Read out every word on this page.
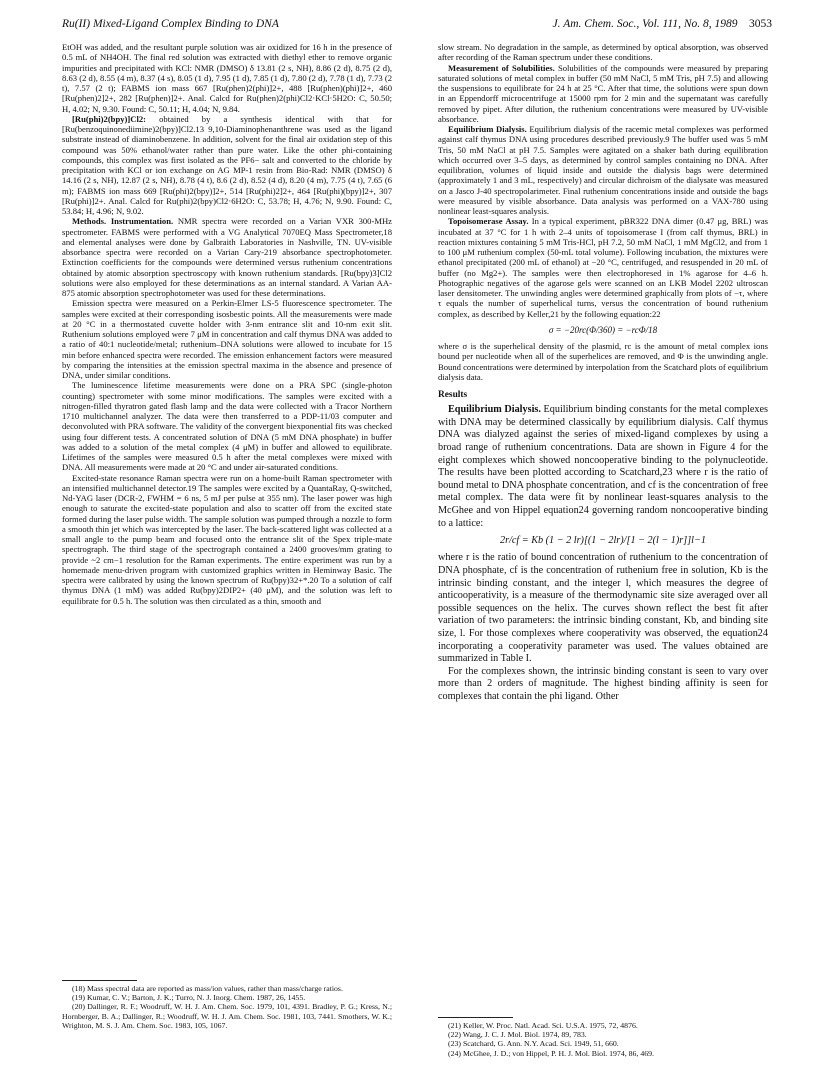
Ru(II) Mixed-Ligand Complex Binding to DNA	J. Am. Chem. Soc., Vol. 111, No. 8, 1989 3053

EtOH was added, and the resultant purple solution was air oxidized for 16 h in the presence of 0.5 mL of NH4OH. The final red solution was extracted with diethyl ether to remove organic impurities and precipitated with KCl: NMR (DMSO) δ 13.81 (2 s, NH), 8.86 (2 d), 8.75 (2 d), 8.63 (2 d), 8.55 (4 m), 8.37 (4 s), 8.05 (1 d), 7.95 (1 d), 7.85 (1 d), 7.80 (2 d), 7.78 (1 d), 7.73 (2 t), 7.57 (2 t); FABMS ion mass 667 [Ru(phen)2(phi)]2+, 488 [Ru(phen)(phi)]2+, 460 [Ru(phen)2]2+, 282 [Ru(phen)]2+. Anal. Calcd for Ru(phen)2(phi)Cl2·KCl·5H2O: C, 50.50; H, 4.02; N, 9.30. Found: C, 50.11; H, 4.04; N, 9.84.

[Ru(phi)2(bpy)]Cl2: obtained by a synthesis identical with that for [Ru(benzoquinonediimine)2(bpy)]Cl2.13 9,10-Diaminophenanthrene was used as the ligand substrate instead of diaminobenzene. In addition, solvent for the final air oxidation step of this compound was 50% ethanol/water rather than pure water. Like the other phi-containing compounds, this complex was first isolated as the PF6− salt and converted to the chloride by precipitation with KCl or ion exchange on AG MP-1 resin from Bio-Rad: NMR (DMSO) δ 14.16 (2 s, NH), 12.87 (2 s, NH), 8.78 (4 t), 8.6 (2 d), 8.52 (4 d), 8.20 (4 m), 7.75 (4 t), 7.65 (6 m); FABMS ion mass 669 [Ru(phi)2(bpy)]2+, 514 [Ru(phi)2]2+, 464 [Ru(phi)(bpy)]2+, 307 [Ru(phi)]2+. Anal. Calcd for Ru(phi)2(bpy)Cl2·6H2O: C, 53.78; H, 4.76; N, 9.90. Found: C, 53.84; H, 4.96; N, 9.02.

Methods. Instrumentation. NMR spectra were recorded on a Varian VXR 300-MHz spectrometer. FABMS were performed with a VG Analytical 7070EQ Mass Spectrometer,18 and elemental analyses were done by Galbraith Laboratories in Nashville, TN. UV-visible absorbance spectra were recorded on a Varian Cary-219 absorbance spectrophotometer. Extinction coefficients for the compounds were determined versus ruthenium concentrations obtained by atomic absorption spectroscopy with known ruthenium standards. [Ru(bpy)3]Cl2 solutions were also employed for these determinations as an internal standard. A Varian AA-875 atomic absorption spectrophotometer was used for these determinations.

Emission spectra were measured on a Perkin-Elmer LS-5 fluorescence spectrometer. The samples were excited at their corresponding isosbestic points. All the measurements were made at 20 °C in a thermostated cuvette holder with 3-nm entrance slit and 10-nm exit slit. Ruthenium solutions employed were 7 μM in concentration and calf thymus DNA was added to a ratio of 40:1 nucleotide/metal; ruthenium–DNA solutions were allowed to incubate for 15 min before enhanced spectra were recorded. The emission enhancement factors were measured by comparing the intensities at the emission spectral maxima in the absence and presence of DNA, under similar conditions.

The luminescence lifetime measurements were done on a PRA SPC (single-photon counting) spectrometer with some minor modifications. The samples were excited with a nitrogen-filled thyratron gated flash lamp and the data were collected with a Tracor Northern 1710 multichannel analyzer. The data were then transferred to a PDP-11/03 computer and deconvoluted with PRA software. The validity of the convergent biexponential fits was checked using four different tests. A concentrated solution of DNA (5 mM DNA phosphate) in buffer was added to a solution of the metal complex (4 μM) in buffer and allowed to equilibrate. Lifetimes of the samples were measured 0.5 h after the metal complexes were mixed with DNA. All measurements were made at 20 °C and under air-saturated conditions.

Excited-state resonance Raman spectra were run on a home-built Raman spectrometer with an intensified multichannel detector.19 The samples were excited by a QuantaRay, Q-switched, Nd-YAG laser (DCR-2, FWHM = 6 ns, 5 mJ per pulse at 355 nm). The laser power was high enough to saturate the excited-state population and also to scatter off from the excited state formed during the laser pulse width. The sample solution was pumped through a nozzle to form a smooth thin jet which was intercepted by the laser. The back-scattered light was collected at a small angle to the pump beam and focused onto the entrance slit of the Spex triple-mate spectrograph. The third stage of the spectrograph contained a 2400 grooves/mm grating to provide ~2 cm−1 resolution for the Raman experiments. The entire experiment was run by a homemade menu-driven program with customized graphics written in Heminway Basic. The spectra were calibrated by using the known spectrum of Ru(bpy)32+*.20 To a solution of calf thymus DNA (1 mM) was added Ru(bpy)2DIP2+ (40 μM), and the solution was left to equilibrate for 0.5 h. The solution was then circulated as a thin, smooth and

slow stream. No degradation in the sample, as determined by optical absorption, was observed after recording of the Raman spectrum under these conditions.

Measurement of Solubilities. Solubilities of the compounds were measured by preparing saturated solutions of metal complex in buffer (50 mM NaCl, 5 mM Tris, pH 7.5) and allowing the suspensions to equilibrate for 24 h at 25 °C. After that time, the solutions were spun down in an Eppendorff microcentrifuge at 15000 rpm for 2 min and the supernatant was carefully removed by pipet. After dilution, the ruthenium concentrations were measured by UV-visible absorbance.

Equilibrium Dialysis. Equilibrium dialysis of the racemic metal complexes was performed against calf thymus DNA using procedures described previously.9 The buffer used was 5 mM Tris, 50 mM NaCl at pH 7.5. Samples were agitated on a shaker bath during equilibration which occurred over 3–5 days, as determined by control samples containing no DNA. After equilibration, volumes of liquid inside and outside the dialysis bags were determined (approximately 1 and 3 mL, respectively) and circular dichroism of the dialysate was measured on a Jasco J-40 spectropolarimeter. Final ruthenium concentrations inside and outside the bags were measured by visible absorbance. Data analysis was performed on a VAX-780 using nonlinear least-squares analysis.

Topoisomerase Assay. In a typical experiment, pBR322 DNA dimer (0.47 μg, BRL) was incubated at 37 °C for 1 h with 2–4 units of topoisomerase I (from calf thymus, BRL) in reaction mixtures containing 5 mM Tris-HCl, pH 7.2, 50 mM NaCl, 1 mM MgCl2, and from 1 to 100 μM ruthenium complex (50-mL total volume). Following incubation, the mixtures were ethanol precipitated (200 mL of ethanol) at −20 °C, centrifuged, and resuspended in 20 mL of buffer (no Mg2+). The samples were then electrophoresed in 1% agarose for 4–6 h. Photographic negatives of the agarose gels were scanned on an LKB Model 2202 ultroscan laser densitometer. The unwinding angles were determined graphically from plots of −τ, where τ equals the number of superhelical turns, versus the concentration of bound ruthenium complex, as described by Keller,21 by the following equation:22

σ = −20rc(Φ/360) = −rcΦ/18

where σ is the superhelical density of the plasmid, rc is the amount of metal complex ions bound per nucleotide when all of the superhelices are removed, and Φ is the unwinding angle. Bound concentrations were determined by interpolation from the Scatchard plots of equilibrium dialysis data.

Results

Equilibrium Dialysis. Equilibrium binding constants for the metal complexes with DNA may be determined classically by equilibrium dialysis. Calf thymus DNA was dialyzed against the series of mixed-ligand complexes by using a broad range of ruthenium concentrations. Data are shown in Figure 4 for the eight complexes which showed noncooperative binding to the polynucleotide. The results have been plotted according to Scatchard,23 where r is the ratio of bound metal to DNA phosphate concentration, and cf is the concentration of free metal complex. The data were fit by nonlinear least-squares analysis to the McGhee and von Hippel equation24 governing random noncooperative binding to a lattice:

2r/cf = Kb (1 − 2 lr)[(1 − 2lr)/[1 − 2(l − 1)r]]l−1

where r is the ratio of bound concentration of ruthenium to the concentration of DNA phosphate, cf is the concentration of ruthenium free in solution, Kb is the intrinsic binding constant, and the integer l, which measures the degree of anticooperativity, is a measure of the thermodynamic site size averaged over all possible sequences on the helix. The curves shown reflect the best fit after variation of two parameters: the intrinsic binding constant, Kb, and binding site size, l. For those complexes where cooperativity was observed, the equation24 incorporating a cooperativity parameter was used. The values obtained are summarized in Table I.

For the complexes shown, the intrinsic binding constant is seen to vary over more than 2 orders of magnitude. The highest binding affinity is seen for complexes that contain the phi ligand. Other

(18) Mass spectral data are reported as mass/ion values, rather than mass/charge ratios.

(19) Kumar, C. V.; Barton, J. K.; Turro, N. J. Inorg. Chem. 1987, 26, 1455.

(20) Dallinger, R. F.; Woodruff, W. H. J. Am. Chem. Soc. 1979, 101, 4391. Bradley, P. G.; Kress, N.; Hornberger, B. A.; Dallinger, R.; Woodruff, W. H. J. Am. Chem. Soc. 1981, 103, 7441. Smothers, W. K.; Wrighton, M. S. J. Am. Chem. Soc. 1983, 105, 1067.	(21) Keller, W. Proc. Natl. Acad. Sci. U.S.A. 1975, 72, 4876.

(22) Wang, J. C. J. Mol. Biol. 1974, 89, 783.

(23) Scatchard, G. Ann. N.Y. Acad. Sci. 1949, 51, 660.

(24) McGhee, J. D.; von Hippel, P. H. J. Mol. Biol. 1974, 86, 469.
